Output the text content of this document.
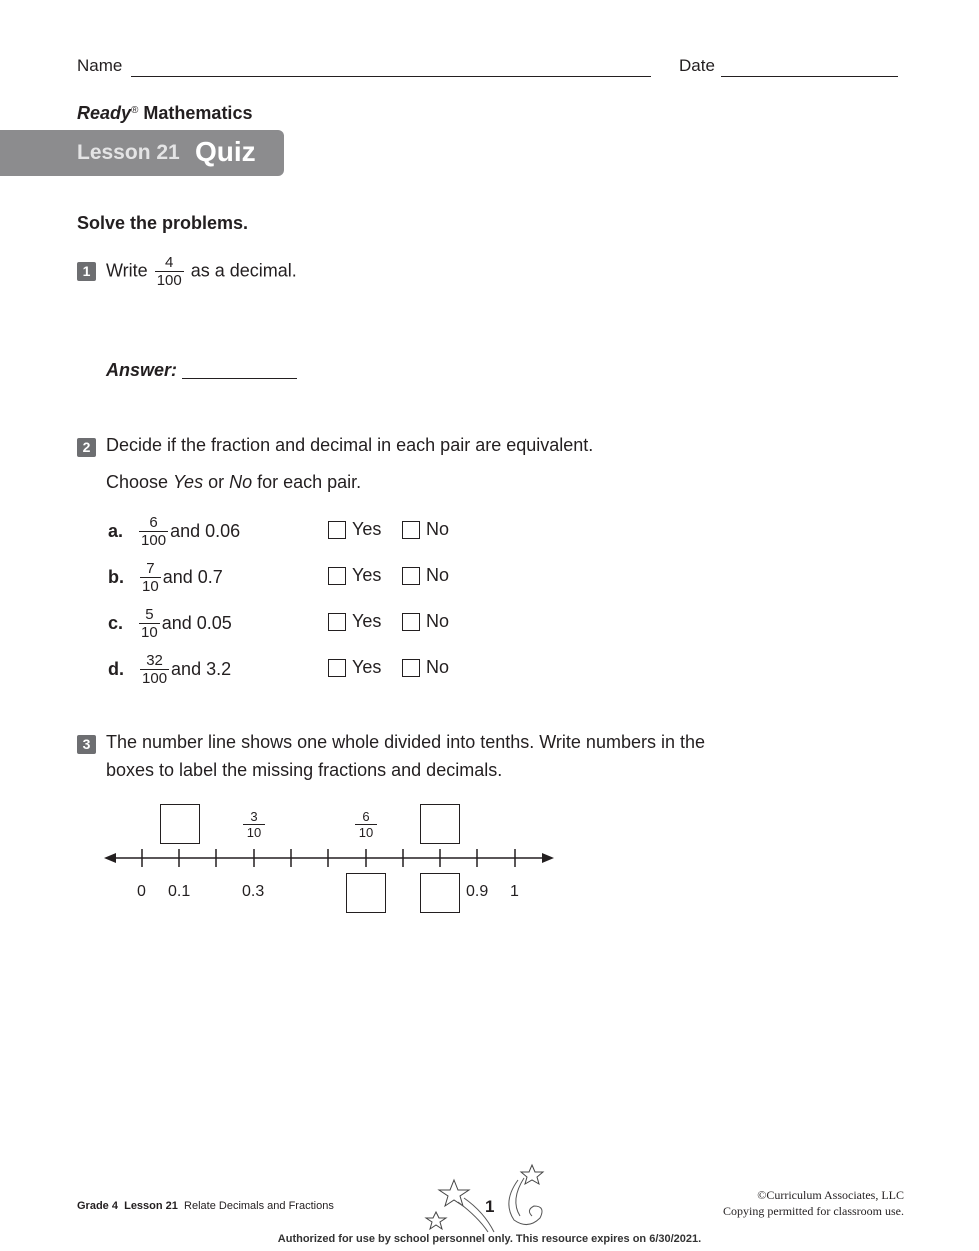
Name	Date
Ready® Mathematics
Lesson 21 Quiz
Solve the problems.
1 Write $\frac{4}{100}$ as a decimal.
Answer:
2 Decide if the fraction and decimal in each pair are equivalent.
Choose Yes or No for each pair.
a . $\frac{6}{100}$ and 0.06	Yes No
b . $\frac{7}{10}$ and 0.7	Yes No
c . $\frac{5}{10}$ and 0.05	Yes No
d . $\frac{32}{100}$ and 3.2	Yes No
3 The number line shows one whole divided into tenths. Write numbers in the
boxes to label the missing fractions and decimals.
$\frac{3}{10}$	$\frac{6}{10}$
0 0.1	0.3	0.9 1
Grade 4 Lesson 21 Relate Decimals and Fractions	1
©Curriculum Associates, LLC
Copying permitted for classroom use.
Authorized for use by school personnel only. This resource expires on 6/30/2021.
